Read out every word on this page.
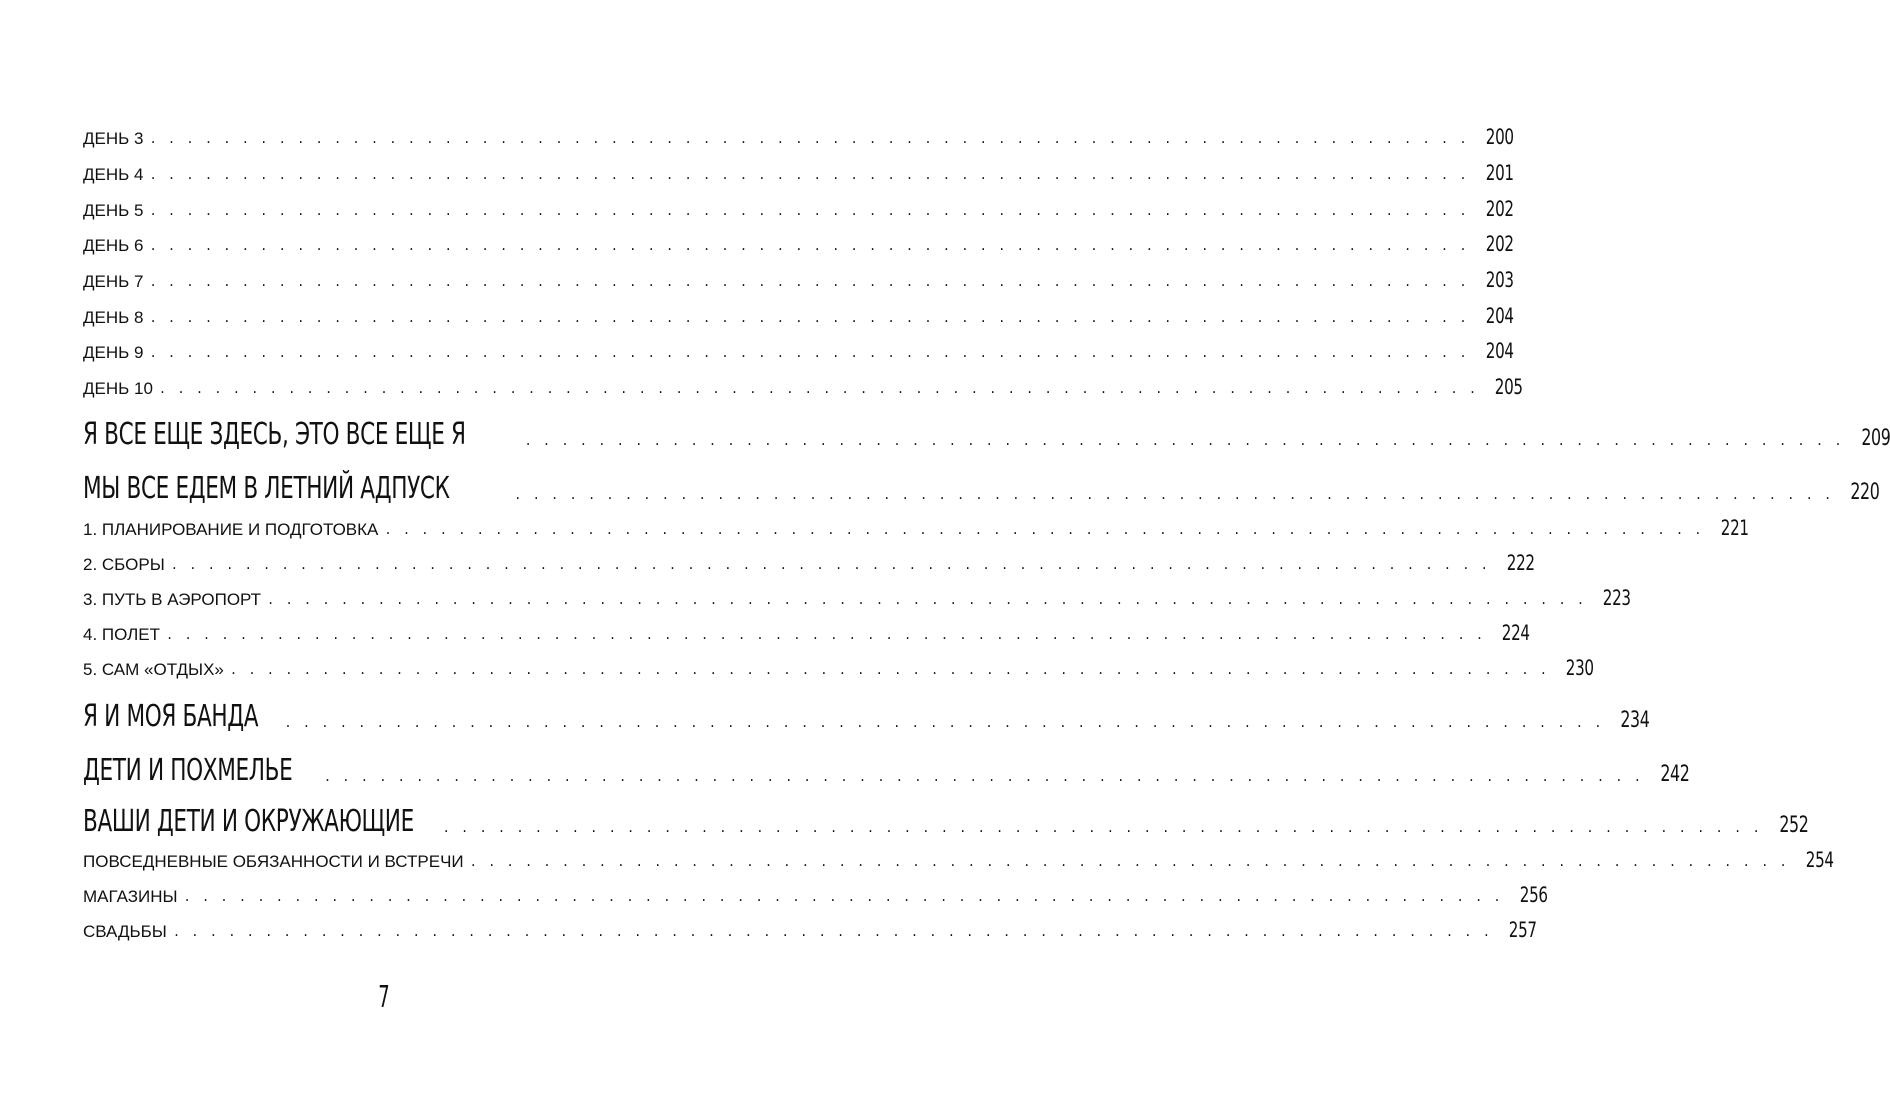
ДЕНЬ 3 . . . . . . . . . . . . . . . . . . . . . . . . . . . . . . . . . . . . . . . . . . . . . . . . . . . . . . . . . . . . . . . . . . . . . . . . 200
ДЕНЬ 4 . . . . . . . . . . . . . . . . . . . . . . . . . . . . . . . . . . . . . . . . . . . . . . . . . . . . . . . . . . . . . . . . . . . . . . . . 201
ДЕНЬ 5 . . . . . . . . . . . . . . . . . . . . . . . . . . . . . . . . . . . . . . . . . . . . . . . . . . . . . . . . . . . . . . . . . . . . . . . . 202
ДЕНЬ 6 . . . . . . . . . . . . . . . . . . . . . . . . . . . . . . . . . . . . . . . . . . . . . . . . . . . . . . . . . . . . . . . . . . . . . . . . 202
ДЕНЬ 7 . . . . . . . . . . . . . . . . . . . . . . . . . . . . . . . . . . . . . . . . . . . . . . . . . . . . . . . . . . . . . . . . . . . . . . . . 203
ДЕНЬ 8 . . . . . . . . . . . . . . . . . . . . . . . . . . . . . . . . . . . . . . . . . . . . . . . . . . . . . . . . . . . . . . . . . . . . . . . . 204
ДЕНЬ 9 . . . . . . . . . . . . . . . . . . . . . . . . . . . . . . . . . . . . . . . . . . . . . . . . . . . . . . . . . . . . . . . . . . . . . . . . 204
ДЕНЬ 10 . . . . . . . . . . . . . . . . . . . . . . . . . . . . . . . . . . . . . . . . . . . . . . . . . . . . . . . . . . . . . . . . . . . . . . . . 205
Я ВСЕ ЕЩЕ ЗДЕСЬ, ЭТО ВСЕ ЕЩЕ Я	. . . . . . . . . . . . . . . . . . . . . . . . . . . . . . . . . . . . . . . . . . . . . . . . . . . . . . . . . . . . . . . . . . . . . . . . 209
МЫ ВСЕ ЕДЕМ В ЛЕТНИЙ АДПУСК	. . . . . . . . . . . . . . . . . . . . . . . . . . . . . . . . . . . . . . . . . . . . . . . . . . . . . . . . . . . . . . . . . . . . . . . . 220
1. ПЛАНИРОВАНИЕ И ПОДГОТОВКА . . . . . . . . . . . . . . . . . . . . . . . . . . . . . . . . . . . . . . . . . . . . . . . . . . . . . . . . . . . . . . . . . . . . . . . . 221
2. СБОРЫ . . . . . . . . . . . . . . . . . . . . . . . . . . . . . . . . . . . . . . . . . . . . . . . . . . . . . . . . . . . . . . . . . . . . . . . . 222
3. ПУТЬ В АЭРОПОРТ . . . . . . . . . . . . . . . . . . . . . . . . . . . . . . . . . . . . . . . . . . . . . . . . . . . . . . . . . . . . . . . . . . . . . . . . 223
4. ПОЛЕТ . . . . . . . . . . . . . . . . . . . . . . . . . . . . . . . . . . . . . . . . . . . . . . . . . . . . . . . . . . . . . . . . . . . . . . . . 224
5. САМ «ОТДЫХ» . . . . . . . . . . . . . . . . . . . . . . . . . . . . . . . . . . . . . . . . . . . . . . . . . . . . . . . . . . . . . . . . . . . . . . . . 230
Я И МОЯ БАНДА . . . . . . . . . . . . . . . . . . . . . . . . . . . . . . . . . . . . . . . . . . . . . . . . . . . . . . . . . . . . . . . . . . . . . . . . 234
ДЕТИ И ПОХМЕЛЬЕ	. . . . . . . . . . . . . . . . . . . . . . . . . . . . . . . . . . . . . . . . . . . . . . . . . . . . . . . . . . . . . . . . . . . . . . . . 242
ВАШИ ДЕТИ И ОКРУЖАЮЩИЕ . . . . . . . . . . . . . . . . . . . . . . . . . . . . . . . . . . . . . . . . . . . . . . . . . . . . . . . . . . . . . . . . . . . . . . . . 252
ПОВСЕДНЕВНЫЕ ОБЯЗАННОСТИ И ВСТРЕЧИ . . . . . . . . . . . . . . . . . . . . . . . . . . . . . . . . . . . . . . . . . . . . . . . . . . . . . . . . . . . . . . . . . . . . . . . . 254
МАГАЗИНЫ . . . . . . . . . . . . . . . . . . . . . . . . . . . . . . . . . . . . . . . . . . . . . . . . . . . . . . . . . . . . . . . . . . . . . . . . 256
СВАДЬБЫ . . . . . . . . . . . . . . . . . . . . . . . . . . . . . . . . . . . . . . . . . . . . . . . . . . . . . . . . . . . . . . . . . . . . . . . . 257
7
